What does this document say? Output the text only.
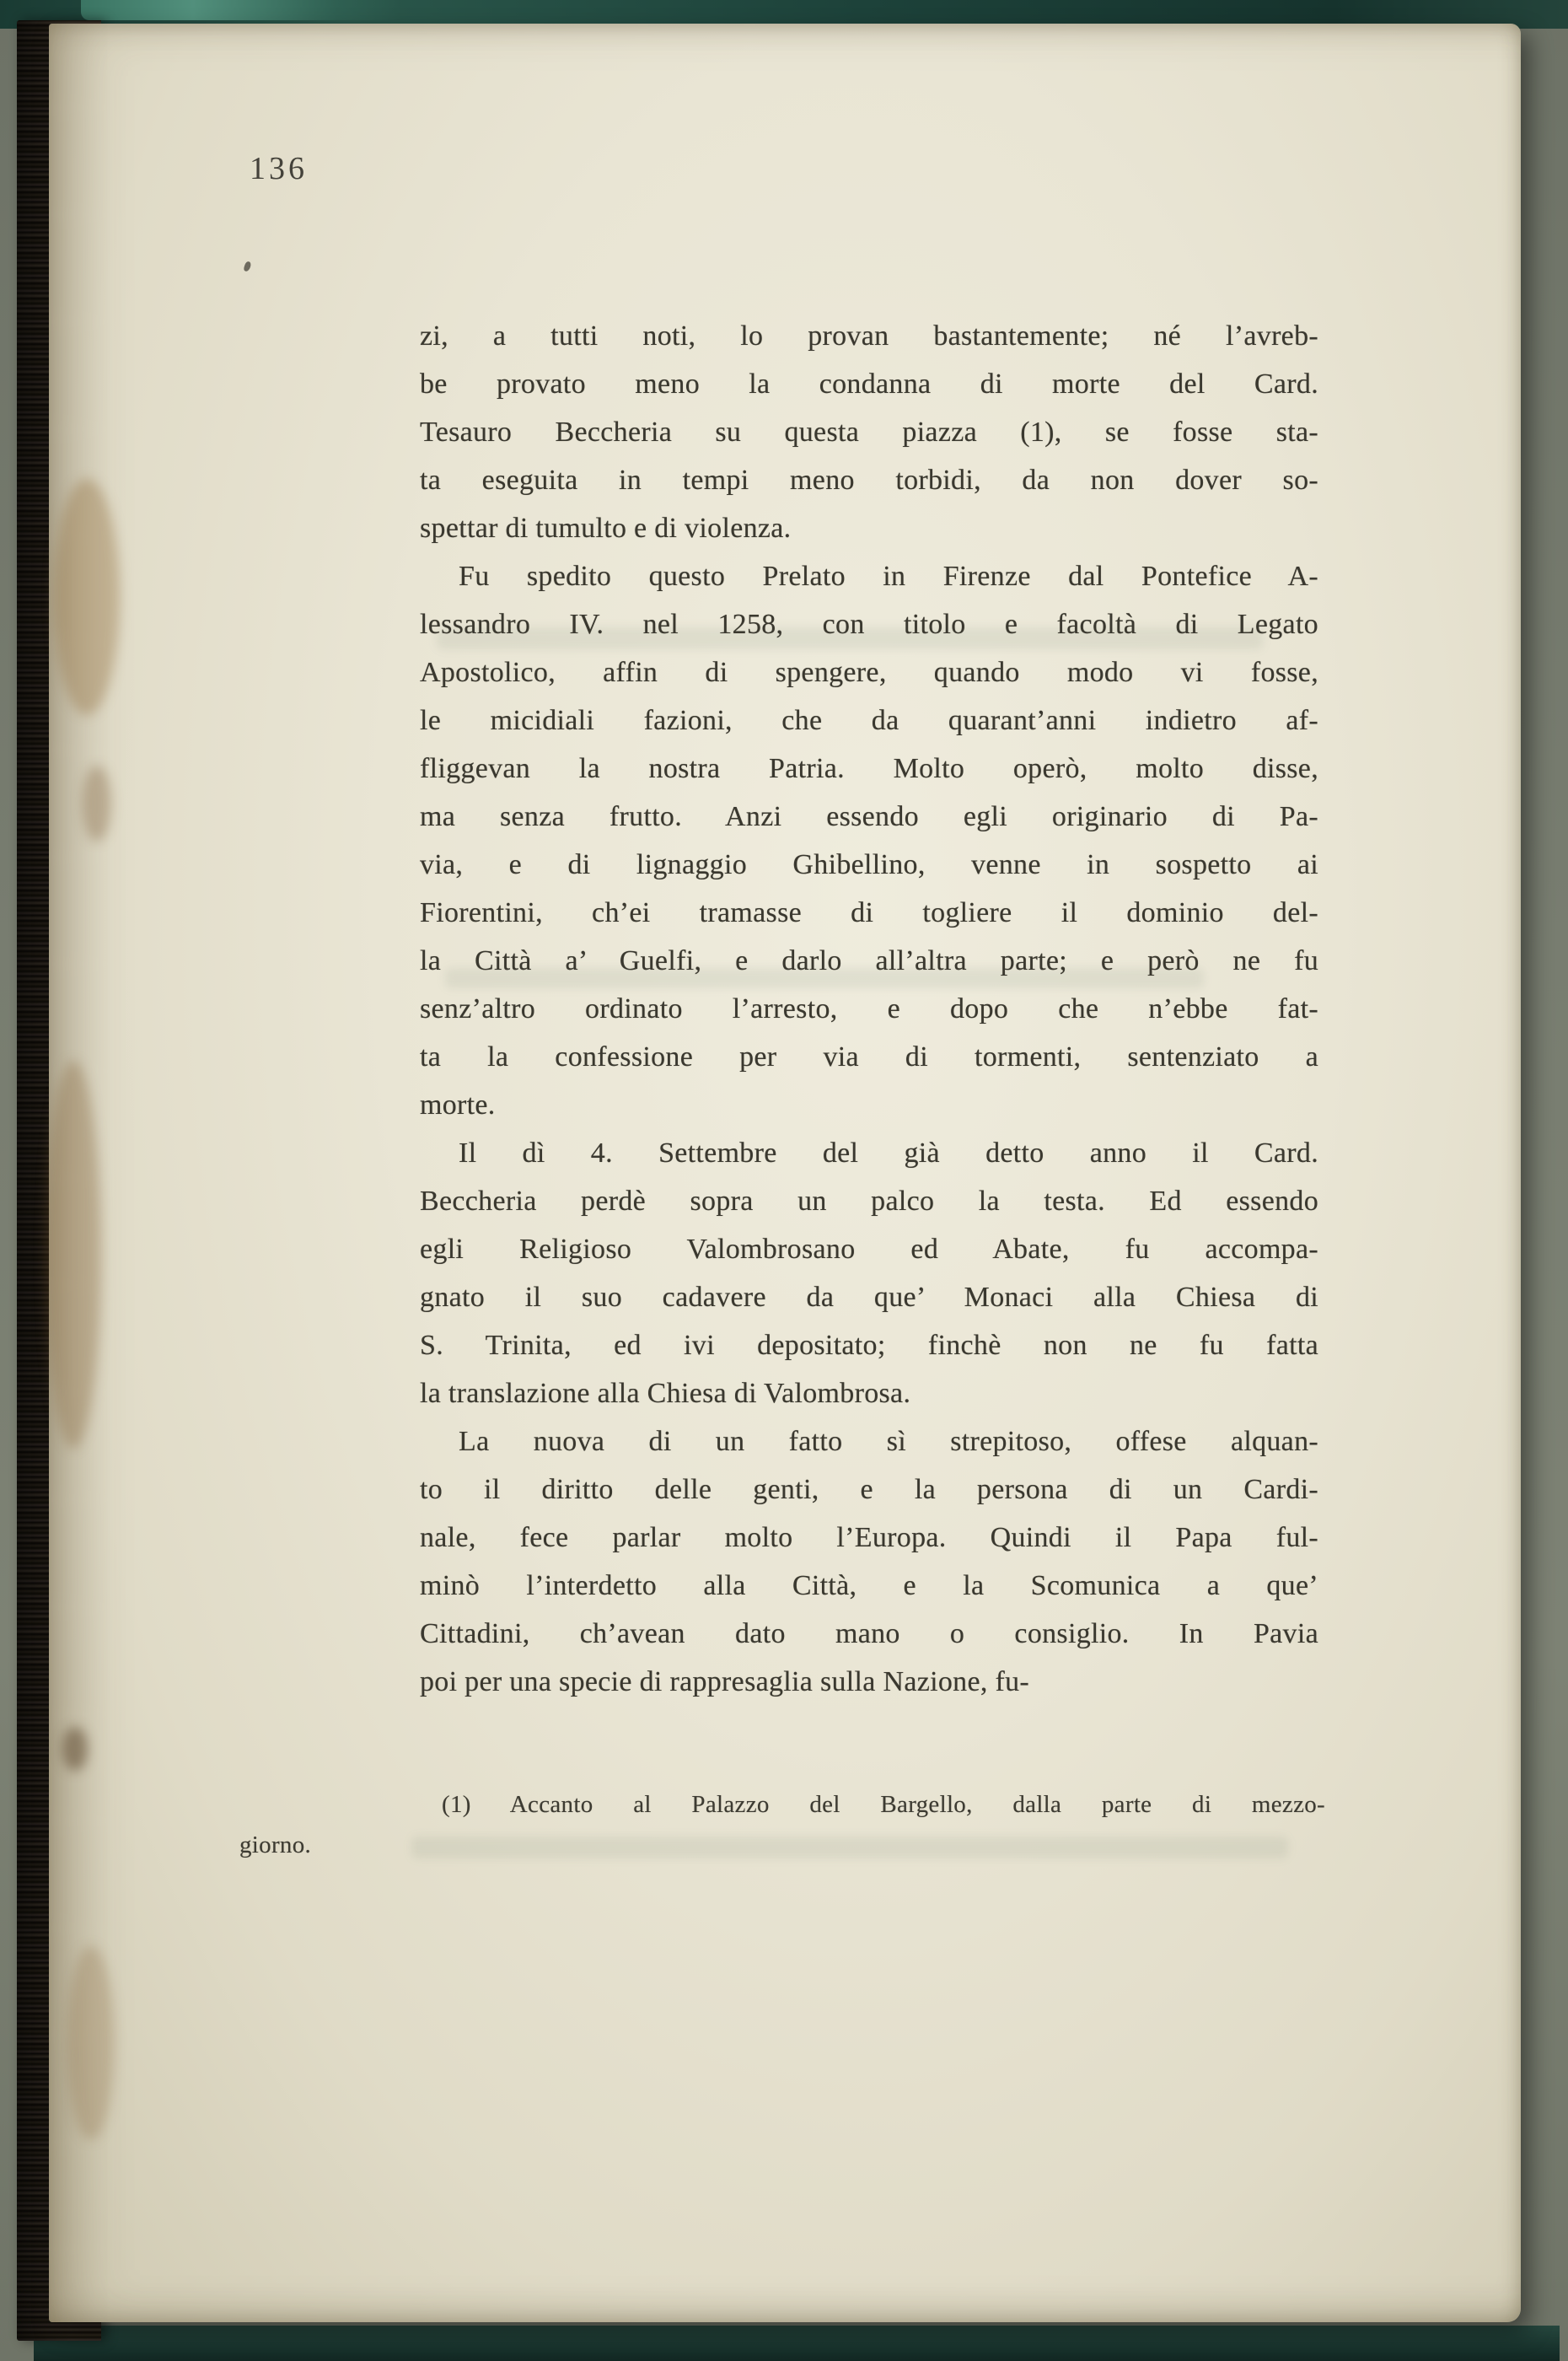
136
zi, a tutti noti, lo provan bastantemente; né l’avreb-
be provato meno la condanna di morte del Card.
Tesauro Beccheria su questa piazza (1), se fosse sta-
ta eseguita in tempi meno torbidi, da non dover so-
spettar di tumulto e di violenza.
Fu spedito questo Prelato in Firenze dal Pontefice A-
lessandro IV. nel 1258, con titolo e facoltà di Legato
Apostolico, affin di spengere, quando modo vi fosse,
le micidiali fazioni, che da quarant’anni indietro af-
fliggevan la nostra Patria. Molto operò, molto disse,
ma senza frutto. Anzi essendo egli originario di Pa-
via, e di lignaggio Ghibellino, venne in sospetto ai
Fiorentini, ch’ei tramasse di togliere il dominio del-
la Città a’ Guelfi, e darlo all’altra parte; e però ne fu
senz’altro ordinato l’arresto, e dopo che n’ebbe fat-
ta la confessione per via di tormenti, sentenziato a
morte.
Il dì 4. Settembre del già detto anno il Card.
Beccheria perdè sopra un palco la testa. Ed essendo
egli Religioso Valombrosano ed Abate, fu accompa-
gnato il suo cadavere da que’ Monaci alla Chiesa di
S. Trinita, ed ivi depositato; finchè non ne fu fatta
la translazione alla Chiesa di Valombrosa.
La nuova di un fatto sì strepitoso, offese alquan-
to il diritto delle genti, e la persona di un Cardi-
nale, fece parlar molto l’Europa. Quindi il Papa ful-
minò l’interdetto alla Città, e la Scomunica a que’
Cittadini, ch’avean dato mano o consiglio. In Pavia
poi per una specie di rappresaglia sulla Nazione, fu-
(1) Accanto al Palazzo del Bargello, dalla parte di mezzo-
giorno.
